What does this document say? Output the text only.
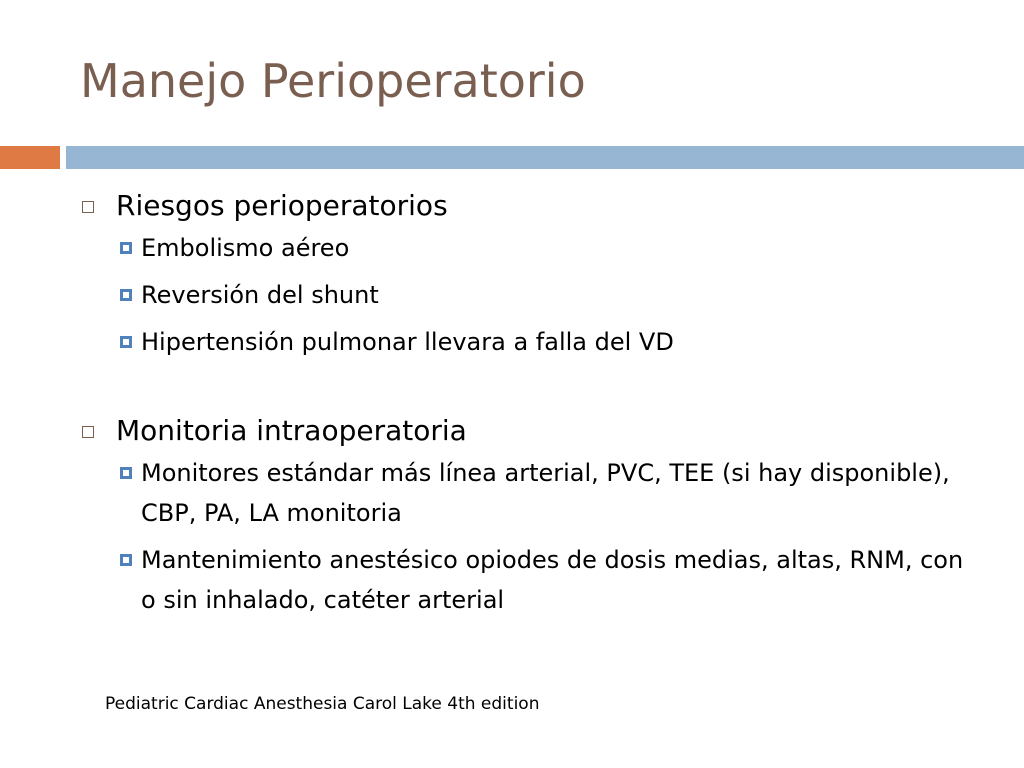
Manejo Perioperatorio
Riesgos perioperatorios
Embolismo aéreo
Reversión del shunt
Hipertensión pulmonar llevara a falla del VD
Monitoria intraoperatoria
Monitores estándar más línea arterial, PVC, TEE (si hay disponible), CBP, PA, LA monitoria
Mantenimiento anestésico opiodes de dosis medias, altas, RNM, con o sin inhalado, catéter arterial
Pediatric Cardiac Anesthesia Carol Lake 4th edition
